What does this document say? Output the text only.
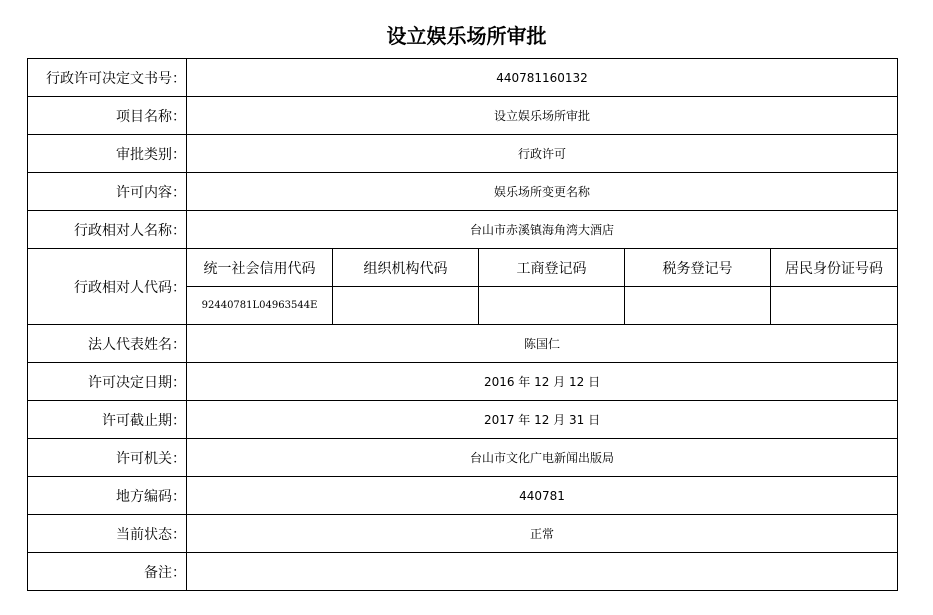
设立娱乐场所审批
行政许可决定文书号：	440781160132				
项目名称：	设立娱乐场所审批				
审批类别：	行政许可				
许可内容：	娱乐场所变更名称				
行政相对人名称：	台山市赤溪镇海角湾大酒店				
行政相对人代码：	统一社会信用代码	组织机构代码	工商登记码	税务登记号	居民身份证号码
	92440781L04963544E				
法人代表姓名：	陈国仁				
许可决定日期：	2016 年 12 月 12 日				
许可截止期：	2017 年 12 月 31 日				
许可机关：	台山市文化广电新闻出版局				
地方编码：	440781				
当前状态：	正常				
备注：					
